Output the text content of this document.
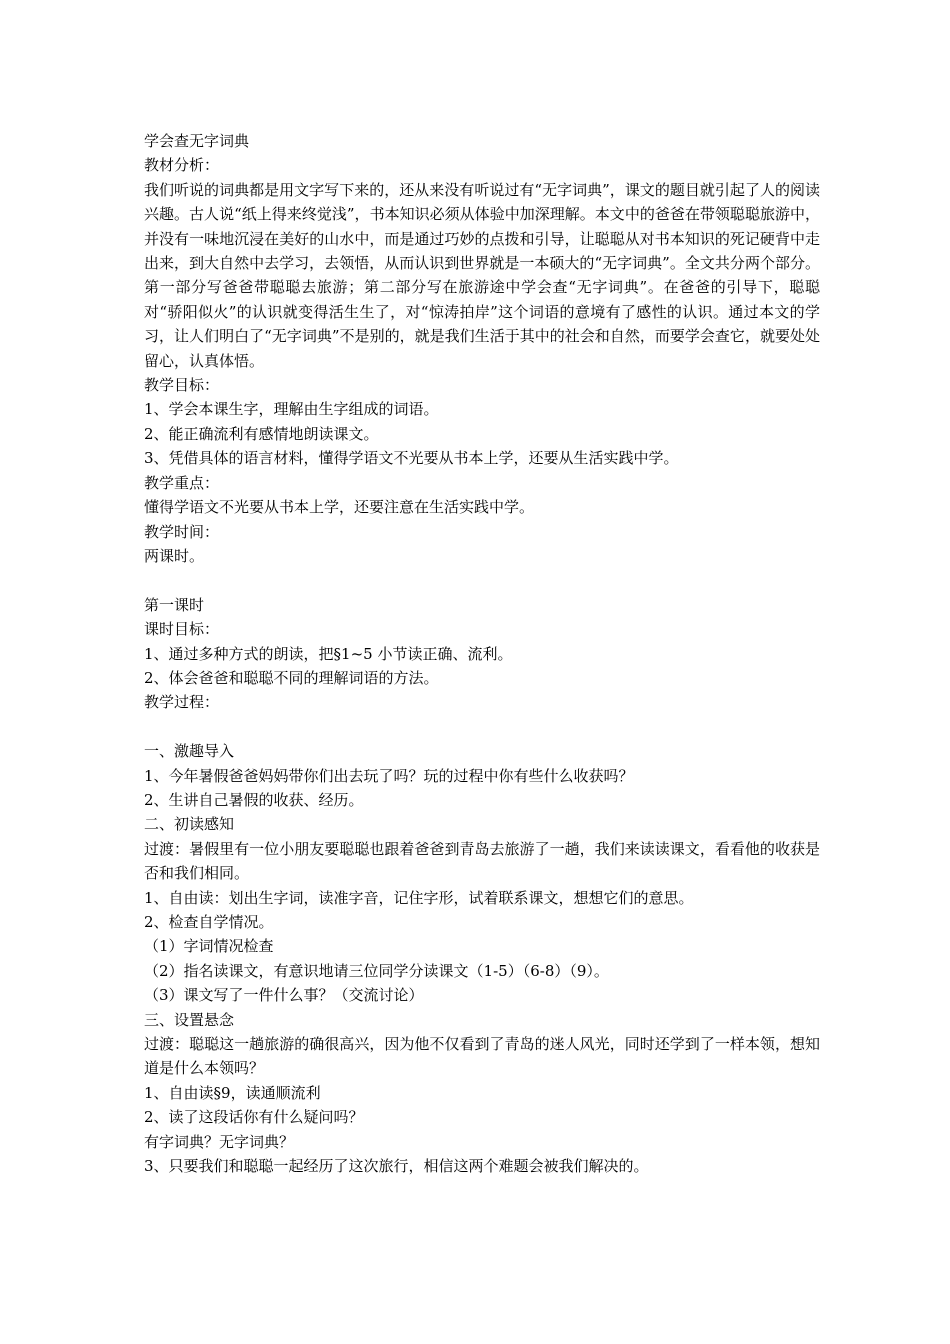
学会查无字词典

教材分析：

我们听说的词典都是用文字写下来的，还从来没有听说过有“无字词典”，课文的题目就引起了人的阅读兴趣。古人说“纸上得来终觉浅”，书本知识必须从体验中加深理解。本文中的爸爸在带领聪聪旅游中，并没有一味地沉浸在美好的山水中，而是通过巧妙的点拨和引导，让聪聪从对书本知识的死记硬背中走出来，到大自然中去学习，去领悟，从而认识到世界就是一本硕大的“无字词典”。全文共分两个部分。第一部分写爸爸带聪聪去旅游；第二部分写在旅游途中学会查“无字词典”。在爸爸的引导下，聪聪对“骄阳似火”的认识就变得活生生了，对“惊涛拍岸”这个词语的意境有了感性的认识。通过本文的学习，让人们明白了“无字词典”不是别的，就是我们生活于其中的社会和自然，而要学会查它，就要处处留心，认真体悟。

教学目标：

1、学会本课生字，理解由生字组成的词语。

2、能正确流利有感情地朗读课文。

3、凭借具体的语言材料，懂得学语文不光要从书本上学，还要从生活实践中学。

教学重点：

懂得学语文不光要从书本上学，还要注意在生活实践中学。

教学时间：

两课时。

第一课时

课时目标：

1、通过多种方式的朗读，把§1~5 小节读正确、流利。

2、体会爸爸和聪聪不同的理解词语的方法。

教学过程：

一、激趣导入

1、今年暑假爸爸妈妈带你们出去玩了吗？玩的过程中你有些什么收获吗？

2、生讲自己暑假的收获、经历。

二、初读感知

过渡：暑假里有一位小朋友要聪聪也跟着爸爸到青岛去旅游了一趟，我们来读读课文，看看他的收获是否和我们相同。

1、自由读：划出生字词，读准字音，记住字形，试着联系课文，想想它们的意思。

2、检查自学情况。

（1）字词情况检查

（2）指名读课文，有意识地请三位同学分读课文（1-5）（6-8）（9）。

（3）课文写了一件什么事？（交流讨论）

三、设置悬念

过渡：聪聪这一趟旅游的确很高兴，因为他不仅看到了青岛的迷人风光，同时还学到了一样本领，想知道是什么本领吗？

1、自由读§9，读通顺流利

2、读了这段话你有什么疑问吗？

有字词典？无字词典？

3、只要我们和聪聪一起经历了这次旅行，相信这两个难题会被我们解决的。
